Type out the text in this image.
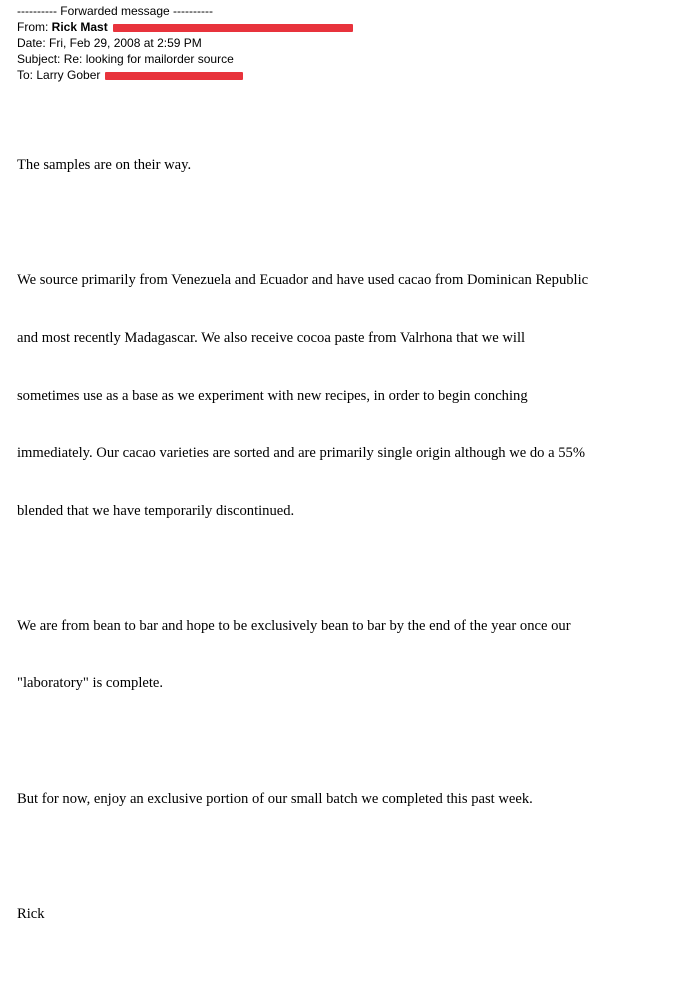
---------- Forwarded message ----------
From: Rick Mast
Date: Fri, Feb 29, 2008 at 2:59 PM
Subject: Re: looking for mailorder source
To: Larry Gober

The samples are on their way.

We source primarily from Venezuela and Ecuador and have used cacao from Dominican Republic

and most recently Madagascar. We also receive cocoa paste from Valrhona that we will

sometimes use as a base as we experiment with new recipes, in order to begin conching

immediately. Our cacao varieties are sorted and are primarily single origin although we do a 55%

blended that we have temporarily discontinued.

We are from bean to bar and hope to be exclusively bean to bar by the end of the year once our

"laboratory" is complete.

But for now, enjoy an exclusive portion of our small batch we completed this past week.

Rick
